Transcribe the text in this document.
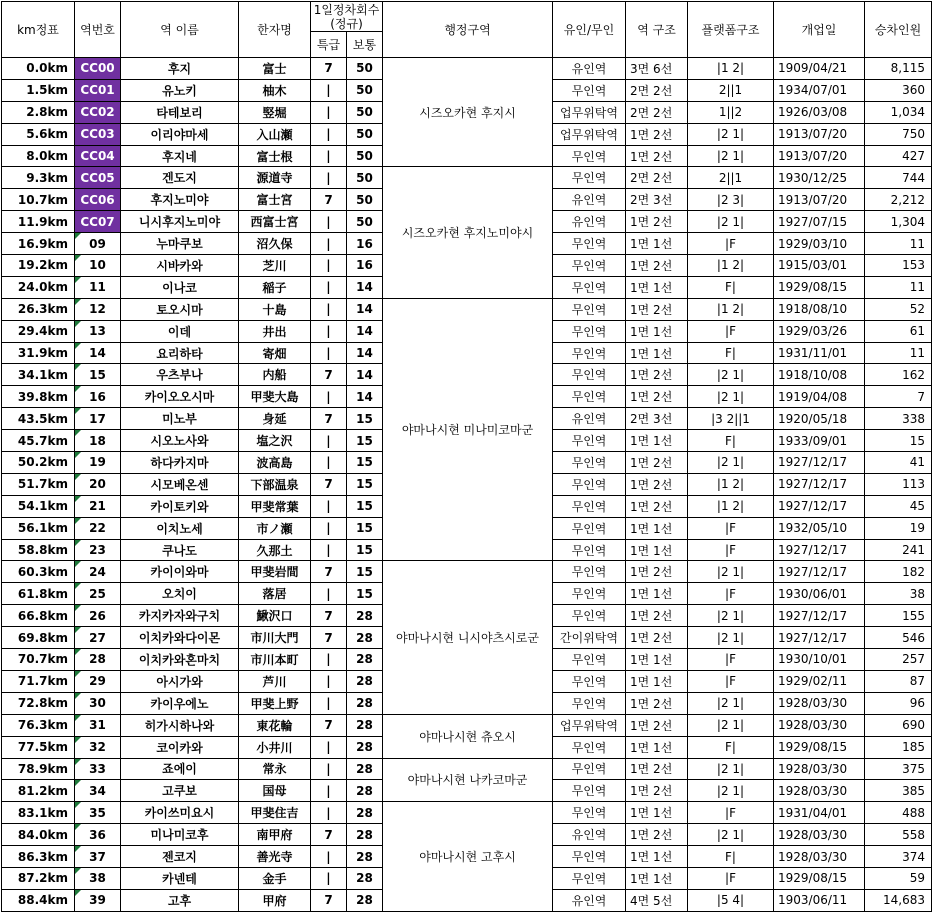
km정표	역번호	역 이름	한자명	1일정차회수
(정규)		행정구역	유인/무인	역 구조	플랫폼구조	개업일	승차인원
				특급	보통						
0.0km	CC00	후지	富士	7	50	시즈오카현 후지시	유인역	3면 6선	|1 2|	1909/04/21	8,115
1.5km	CC01	유노키	柚木	|	50		무인역	2면 2선	2||1	1934/07/01	360
2.8km	CC02	타테보리	竪堀	|	50		업무위탁역	2면 2선	1||2	1926/03/08	1,034
5.6km	CC03	이리야마세	入山瀬	|	50		업무위탁역	1면 2선	|2 1|	1913/07/20	750
8.0km	CC04	후지네	富士根	|	50		무인역	1면 2선	|2 1|	1913/07/20	427
9.3km	CC05	겐도지	源道寺	|	50	시즈오카현 후지노미야시	무인역	2면 2선	2||1	1930/12/25	744
10.7km	CC06	후지노미야	富士宮	7	50		유인역	2면 3선	|2 3|	1913/07/20	2,212
11.9km	CC07	니시후지노미야	西富士宮	|	50		유인역	1면 2선	|2 1|	1927/07/15	1,304
16.9km	09	누마쿠보	沼久保	|	16		무인역	1면 1선	|F	1929/03/10	11
19.2km	10	시바카와	芝川	|	16		무인역	1면 2선	|1 2|	1915/03/01	153
24.0km	11	이나코	稲子	|	14		무인역	1면 1선	F|	1929/08/15	11
26.3km	12	토오시마	十島	|	14	야마나시현 미나미코마군	무인역	1면 2선	|1 2|	1918/08/10	52
29.4km	13	이데	井出	|	14		무인역	1면 1선	|F	1929/03/26	61
31.9km	14	요리하타	寄畑	|	14		무인역	1면 1선	F|	1931/11/01	11
34.1km	15	우츠부나	内船	7	14		무인역	1면 2선	|2 1|	1918/10/08	162
39.8km	16	카이오오시마	甲斐大島	|	14		무인역	1면 2선	|2 1|	1919/04/08	7
43.5km	17	미노부	身延	7	15		유인역	2면 3선	|3 2||1	1920/05/18	338
45.7km	18	시오노사와	塩之沢	|	15		무인역	1면 1선	F|	1933/09/01	15
50.2km	19	하다카지마	波高島	|	15		무인역	1면 2선	|2 1|	1927/12/17	41
51.7km	20	시모베온센	下部温泉	7	15		무인역	1면 2선	|1 2|	1927/12/17	113
54.1km	21	카이토키와	甲斐常葉	|	15		무인역	1면 2선	|1 2|	1927/12/17	45
56.1km	22	이치노세	市ノ瀬	|	15		무인역	1면 1선	|F	1932/05/10	19
58.8km	23	쿠나도	久那土	|	15		무인역	1면 1선	|F	1927/12/17	241
60.3km	24	카이이와마	甲斐岩間	7	15	야마나시현 니시야츠시로군	무인역	1면 2선	|2 1|	1927/12/17	182
61.8km	25	오치이	落居	|	15		무인역	1면 1선	|F	1930/06/01	38
66.8km	26	카지카자와구치	鰍沢口	7	28		무인역	1면 2선	|2 1|	1927/12/17	155
69.8km	27	이치카와다이몬	市川大門	7	28		간이위탁역	1면 2선	|2 1|	1927/12/17	546
70.7km	28	이치카와혼마치	市川本町	|	28		무인역	1면 1선	|F	1930/10/01	257
71.7km	29	아시가와	芦川	|	28		무인역	1면 1선	|F	1929/02/11	87
72.8km	30	카이우에노	甲斐上野	|	28		무인역	1면 2선	|2 1|	1928/03/30	96
76.3km	31	히가시하나와	東花輪	7	28	야마나시현 츄오시	업무위탁역	1면 2선	|2 1|	1928/03/30	690
77.5km	32	코이카와	小井川	|	28		무인역	1면 1선	F|	1929/08/15	185
78.9km	33	죠에이	常永	|	28	야마나시현 나카코마군	무인역	1면 2선	|2 1|	1928/03/30	375
81.2km	34	고쿠보	国母	|	28		무인역	1면 2선	|2 1|	1928/03/30	385
83.1km	35	카이쓰미요시	甲斐住吉	|	28	야마나시현 고후시	무인역	1면 1선	|F	1931/04/01	488
84.0km	36	미나미코후	南甲府	7	28		유인역	1면 2선	|2 1|	1928/03/30	558
86.3km	37	젠코지	善光寺	|	28		무인역	1면 1선	F|	1928/03/30	374
87.2km	38	카넨테	金手	|	28		무인역	1면 1선	|F	1929/08/15	59
88.4km	39	고후	甲府	7	28		유인역	4면 5선	|5 4|	1903/06/11	14,683
